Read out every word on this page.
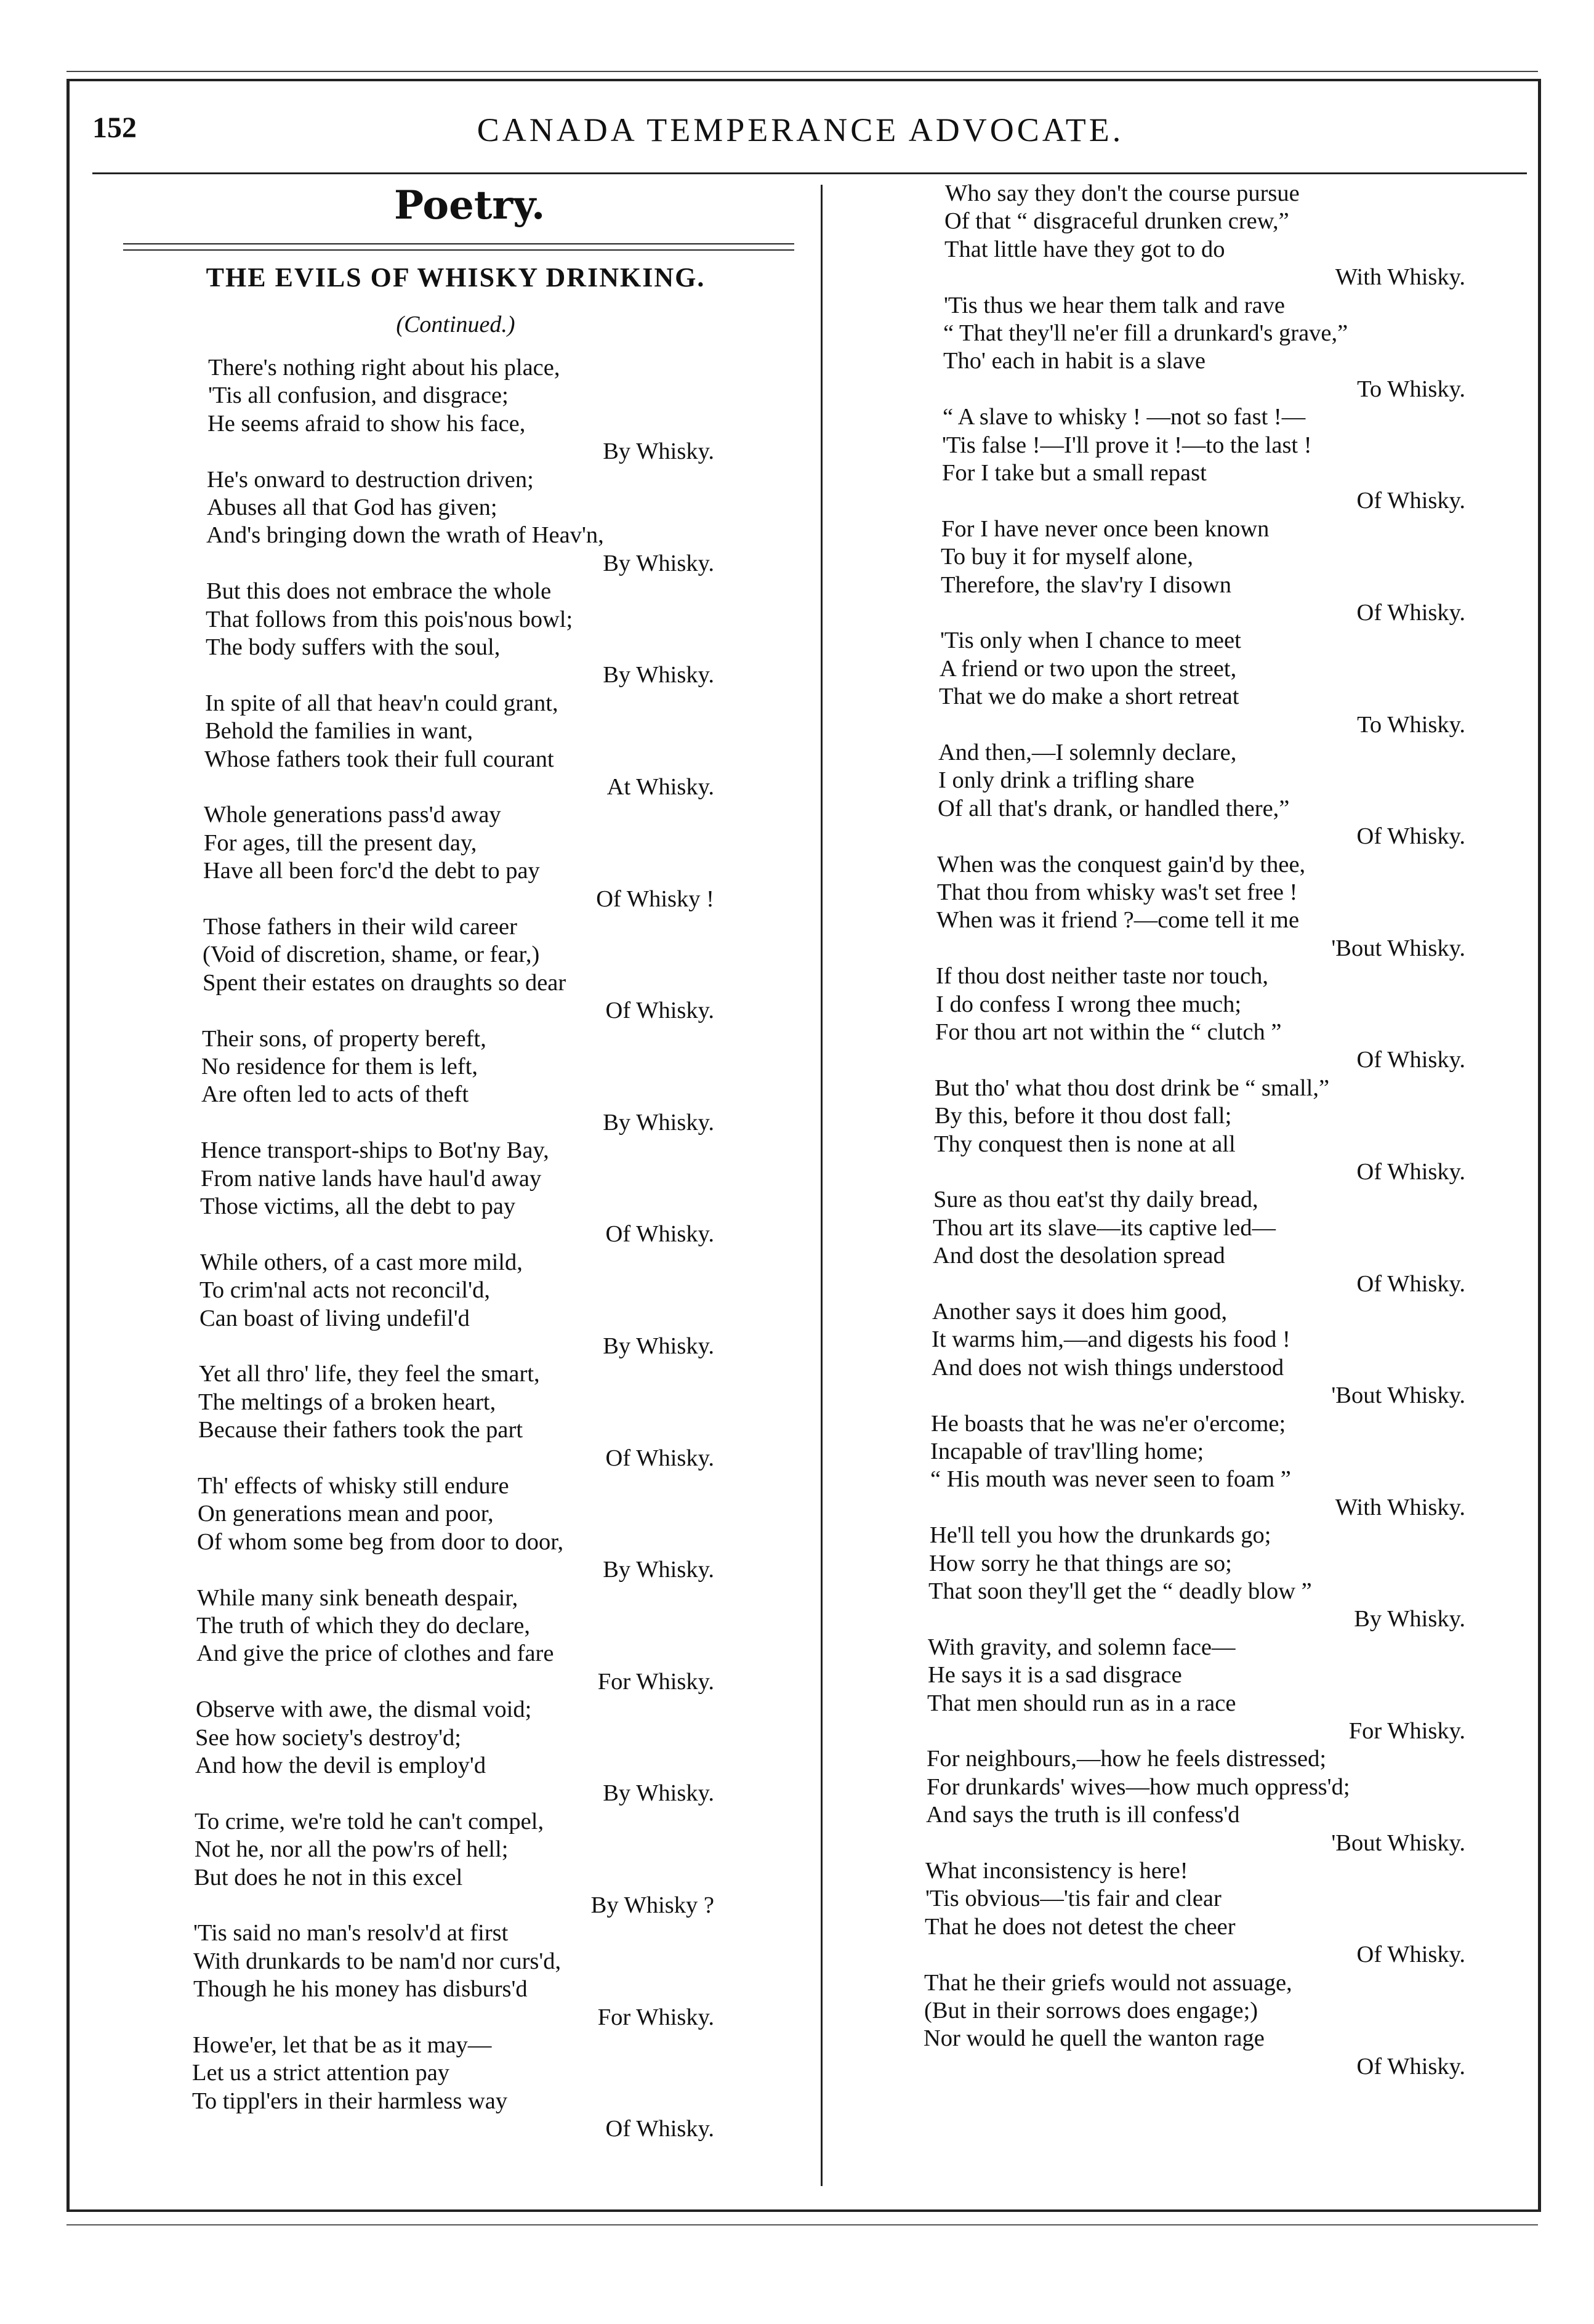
152	CANADA TEMPERANCE ADVOCATE.
Poetry.
THE EVILS OF WHISKY DRINKING.
(Continued.)
There's nothing right about his place,
'Tis all confusion, and disgrace;
He seems afraid to show his face,
By Whisky.
He's onward to destruction driven;
Abuses all that God has given;
And's bringing down the wrath of Heav'n,
By Whisky.
But this does not embrace the whole
That follows from this pois'nous bowl;
The body suffers with the soul,
By Whisky.
In spite of all that heav'n could grant,
Behold the families in want,
Whose fathers took their full courant
At Whisky.
Whole generations pass'd away
For ages, till the present day,
Have all been forc'd the debt to pay
Of Whisky !
Those fathers in their wild career
(Void of discretion, shame, or fear,)
Spent their estates on draughts so dear
Of Whisky.
Their sons, of property bereft,
No residence for them is left,
Are often led to acts of theft
By Whisky.
Hence transport-ships to Bot'ny Bay,
From native lands have haul'd away
Those victims, all the debt to pay
Of Whisky.
While others, of a cast more mild,
To crim'nal acts not reconcil'd,
Can boast of living undefil'd
By Whisky.
Yet all thro' life, they feel the smart,
The meltings of a broken heart,
Because their fathers took the part
Of Whisky.
Th' effects of whisky still endure
On generations mean and poor,
Of whom some beg from door to door,
By Whisky.
While many sink beneath despair,
The truth of which they do declare,
And give the price of clothes and fare
For Whisky.
Observe with awe, the dismal void;
See how society's destroy'd;
And how the devil is employ'd
By Whisky.
To crime, we're told he can't compel,
Not he, nor all the pow'rs of hell;
But does he not in this excel
By Whisky ?
'Tis said no man's resolv'd at first
With drunkards to be nam'd nor curs'd,
Though he his money has disburs'd
For Whisky.
Howe'er, let that be as it may—
Let us a strict attention pay
To tippl'ers in their harmless way
Of Whisky.
Who say they don't the course pursue
Of that “ disgraceful drunken crew,”
That little have they got to do
With Whisky.
'Tis thus we hear them talk and rave
“ That they'll ne'er fill a drunkard's grave,”
Tho' each in habit is a slave
To Whisky.
“ A slave to whisky ! —not so fast !—
'Tis false !—I'll prove it !—to the last !
For I take but a small repast
Of Whisky.
For I have never once been known
To buy it for myself alone,
Therefore, the slav'ry I disown
Of Whisky.
'Tis only when I chance to meet
A friend or two upon the street,
That we do make a short retreat
To Whisky.
And then,—I solemnly declare,
I only drink a trifling share
Of all that's drank, or handled there,”
Of Whisky.
When was the conquest gain'd by thee,
That thou from whisky was't set free !
When was it friend ?—come tell it me
'Bout Whisky.
If thou dost neither taste nor touch,
I do confess I wrong thee much;
For thou art not within the “ clutch ”
Of Whisky.
But tho' what thou dost drink be “ small,”
By this, before it thou dost fall;
Thy conquest then is none at all
Of Whisky.
Sure as thou eat'st thy daily bread,
Thou art its slave—its captive led—
And dost the desolation spread
Of Whisky.
Another says it does him good,
It warms him,—and digests his food !
And does not wish things understood
'Bout Whisky.
He boasts that he was ne'er o'ercome;
Incapable of trav'lling home;
“ His mouth was never seen to foam ”
With Whisky.
He'll tell you how the drunkards go;
How sorry he that things are so;
That soon they'll get the “ deadly blow ”
By Whisky.
With gravity, and solemn face—
He says it is a sad disgrace
That men should run as in a race
For Whisky.
For neighbours,—how he feels distressed;
For drunkards' wives—how much oppress'd;
And says the truth is ill confess'd
'Bout Whisky.
What inconsistency is here!
'Tis obvious—'tis fair and clear
That he does not detest the cheer
Of Whisky.
That he their griefs would not assuage,
(But in their sorrows does engage;)
Nor would he quell the wanton rage
Of Whisky.
